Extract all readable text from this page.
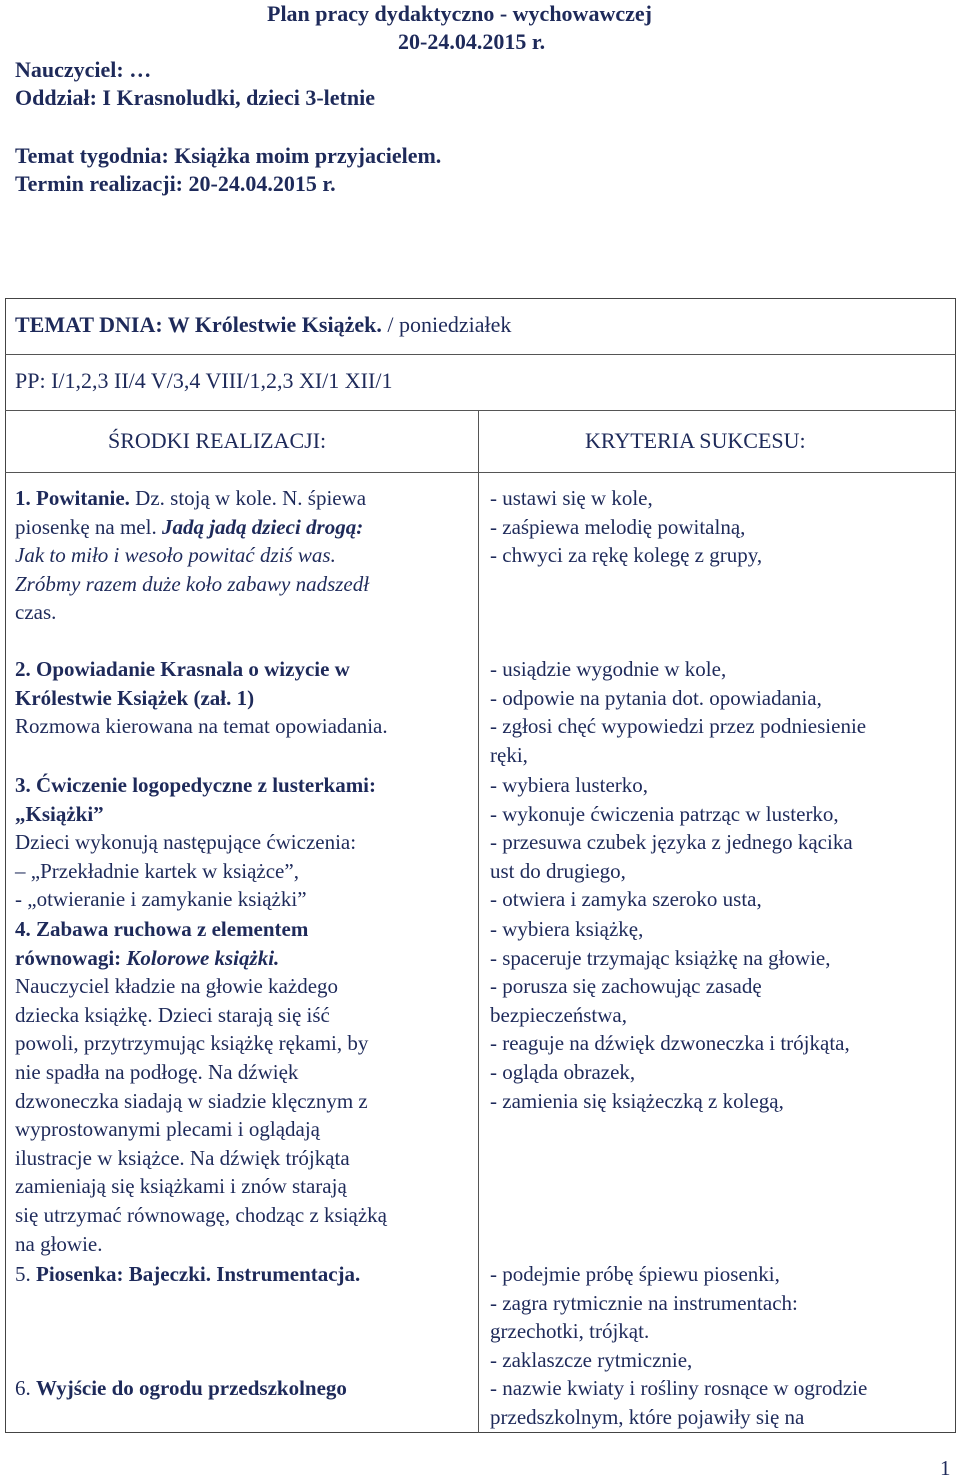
Plan pracy dydaktyczno - wychowawczej
20-24.04.2015 r.
Nauczyciel: …
Oddział: I Krasnoludki, dzieci 3-letnie
Temat tygodnia: Książka moim przyjacielem.
Termin realizacji: 20-24.04.2015 r.
TEMAT DNIA: W Królestwie Książek. / poniedziałek
PP: I/1,2,3 II/4 V/3,4 VIII/1,2,3 XI/1 XII/1
ŚRODKI REALIZACJI:	KRYTERIA SUKCESU:
1. Powitanie. Dz. stoją w kole. N. śpiewa
piosenkę na mel. Jadą jadą dzieci drogą:
Jak to miło i wesoło powitać dziś was.
Zróbmy razem duże koło zabawy nadszedł
czas.
2. Opowiadanie Krasnala o wizycie w
Królestwie Książek (zał. 1)
Rozmowa kierowana na temat opowiadania.
3. Ćwiczenie logopedyczne z lusterkami:
„Książki”
Dzieci wykonują następujące ćwiczenia:
– „Przekładnie kartek w książce”,
- „otwieranie i zamykanie książki”
4. Zabawa ruchowa z elementem
równowagi: Kolorowe książki.
Nauczyciel kładzie na głowie każdego
dziecka książkę. Dzieci starają się iść
powoli, przytrzymując książkę rękami, by
nie spadła na podłogę. Na dźwięk
dzwoneczka siadają w siadzie klęcznym z
wyprostowanymi plecami i oglądają
ilustracje w książce. Na dźwięk trójkąta
zamieniają się książkami i znów starają
się utrzymać równowagę, chodząc z książką
na głowie.
5. Piosenka: Bajeczki. Instrumentacja.
6. Wyjście do ogrodu przedszkolnego
- ustawi się w kole,
- zaśpiewa melodię powitalną,
- chwyci za rękę kolegę z grupy,
- usiądzie wygodnie w kole,
- odpowie na pytania dot. opowiadania,
- zgłosi chęć wypowiedzi przez podniesienie
ręki,
- wybiera lusterko,
- wykonuje ćwiczenia patrząc w lusterko,
- przesuwa czubek języka z jednego kącika
ust do drugiego,
- otwiera i zamyka szeroko usta,
- wybiera książkę,
- spaceruje trzymając książkę na głowie,
- porusza się zachowując zasadę
bezpieczeństwa,
- reaguje na dźwięk dzwoneczka i trójkąta,
- ogląda obrazek,
- zamienia się książeczką z kolegą,
- podejmie próbę śpiewu piosenki,
- zagra rytmicznie na instrumentach:
grzechotki, trójkąt.
- zaklaszcze rytmicznie,
- nazwie kwiaty i rośliny rosnące w ogrodzie
przedszkolnym, które pojawiły się na
1
